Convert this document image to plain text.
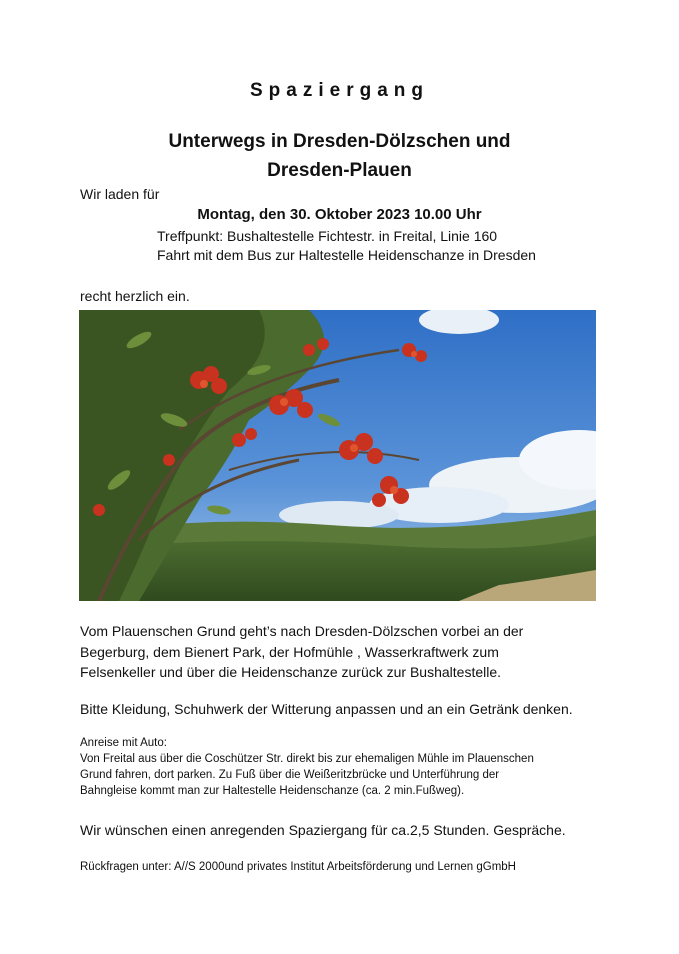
Spaziergang
Unterwegs in Dresden-Dölzschen und
Dresden-Plauen
Wir laden für
Montag, den 30. Oktober 2023 10.00 Uhr
Treffpunkt: Bushaltestelle Fichtestr. in Freital, Linie 160
Fahrt mit dem Bus zur Haltestelle Heidenschanze in Dresden
recht herzlich ein.
Vom Plauenschen Grund geht’s nach Dresden-Dölzschen vorbei an der
Begerburg, dem Bienert Park, der Hofmühle , Wasserkraftwerk zum
Felsenkeller und über die Heidenschanze zurück zur Bushaltestelle.
Bitte Kleidung, Schuhwerk der Witterung anpassen und an ein Getränk denken.
Anreise mit Auto:
Von Freital aus über die Coschützer Str. direkt bis zur ehemaligen Mühle im Plauenschen
Grund fahren, dort parken. Zu Fuß über die Weißeritzbrücke und Unterführung der
Bahngleise kommt man zur Haltestelle Heidenschanze (ca. 2 min.Fußweg).
Wir wünschen einen anregenden Spaziergang für ca.2,5 Stunden. Gespräche.
Rückfragen unter: A//S 2000und privates Institut Arbeitsförderung und Lernen gGmbH
